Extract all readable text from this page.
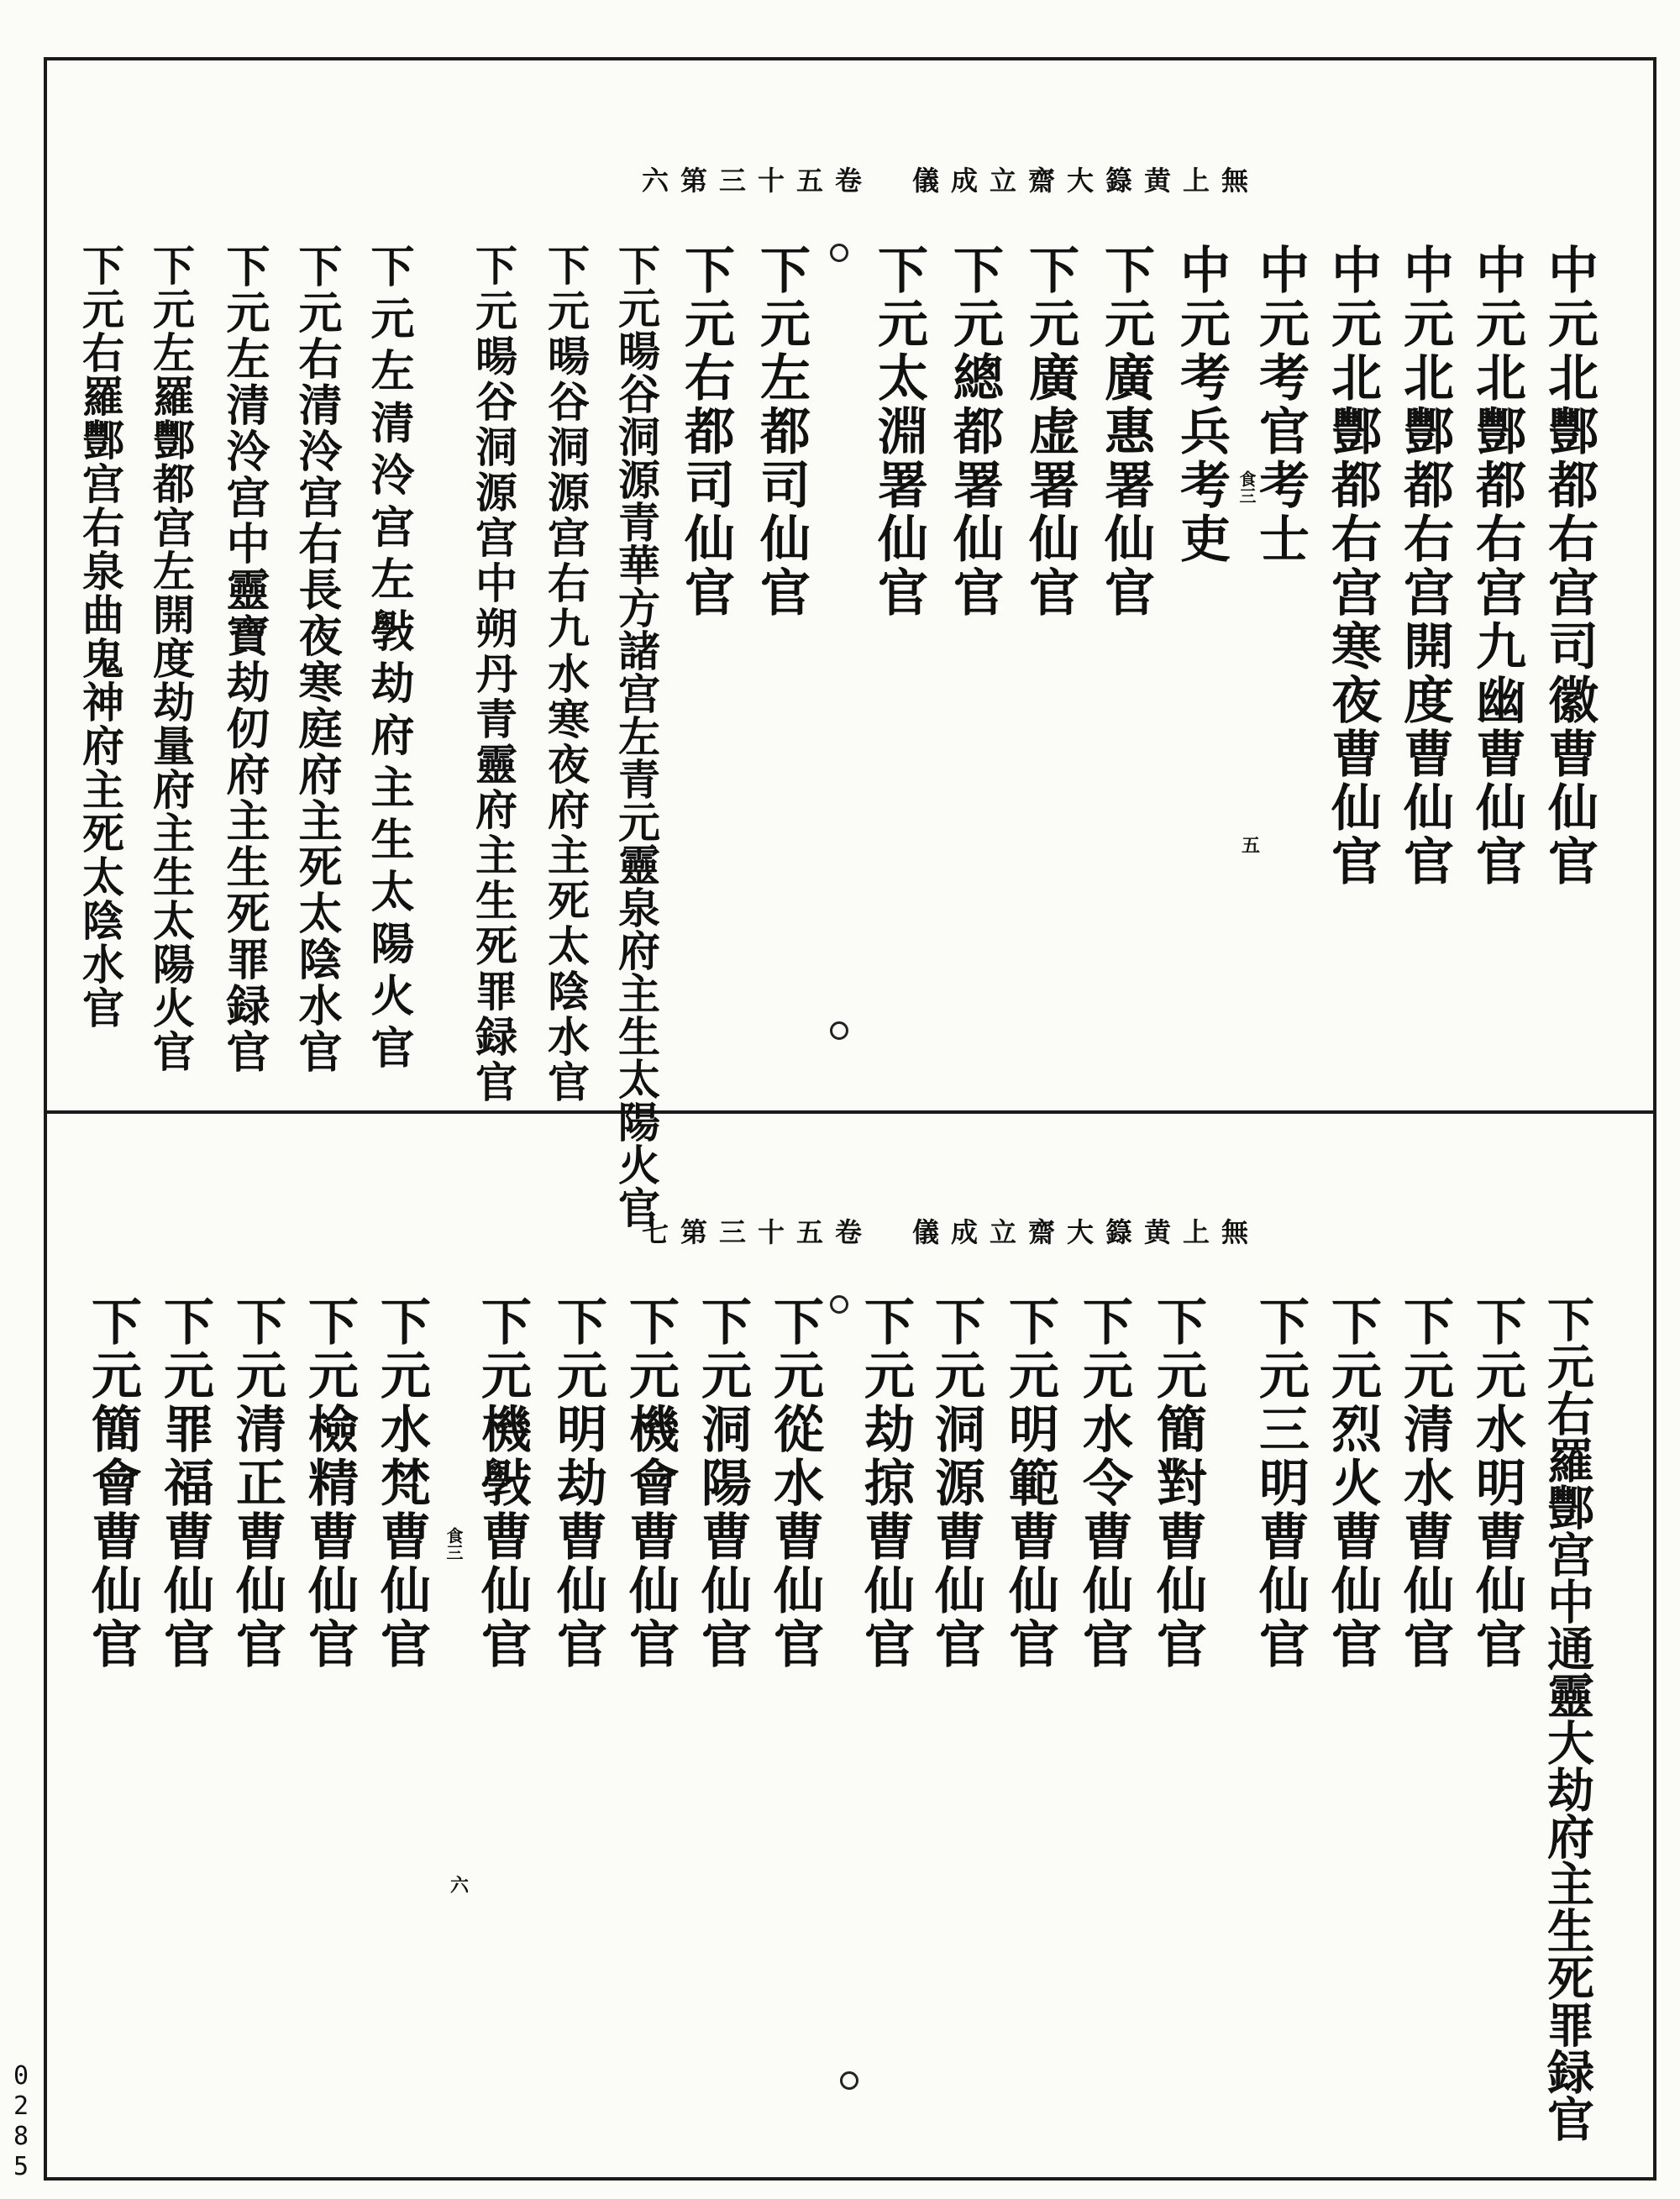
六第三十五卷　儀成立齋大籙黄上無
中元北酆都右宫司徽曹仙官
中元北酆都右宫九幽曹仙官
中元北酆都右宫開度曹仙官
中元北酆都右宫寒夜曹仙官
中元考官考士
中元考兵考吏
下元廣惠署仙官
下元廣虚署仙官
下元總都署仙官
下元太淵署仙官
下元左都司仙官
下元右都司仙官
下元暘谷洞源青華方諸宫左青元靈泉府主生太陽火官
下元暘谷洞源宫右九水寒夜府主死太陰水官
下元暘谷洞源宫中朔丹青靈府主生死罪録官
下元左清泠宫左斅劫府主生太陽火官
下元右清泠宫右長夜寒庭府主死太陰水官
下元左清泠宫中靈寶劫仞府主生死罪録官
下元左羅酆都宫左開度劫量府主生太陽火官
下元右羅酆宫右泉曲鬼神府主死太陰水官	食三
五
七第三十五卷　儀成立齋大籙黄上無
下元右羅酆宫中通靈大劫府主生死罪録官
下元水明曹仙官
下元清水曹仙官
下元烈火曹仙官
下元三明曹仙官
下元簡對曹仙官
下元水令曹仙官
下元明範曹仙官
下元洞源曹仙官
下元劫掠曹仙官
下元從水曹仙官
下元洞陽曹仙官
下元機會曹仙官
下元明劫曹仙官
下元機斅曹仙官
下元水梵曹仙官
下元檢精曹仙官
下元清正曹仙官
下元罪福曹仙官
下元簡會曹仙官	食三
六
0285
